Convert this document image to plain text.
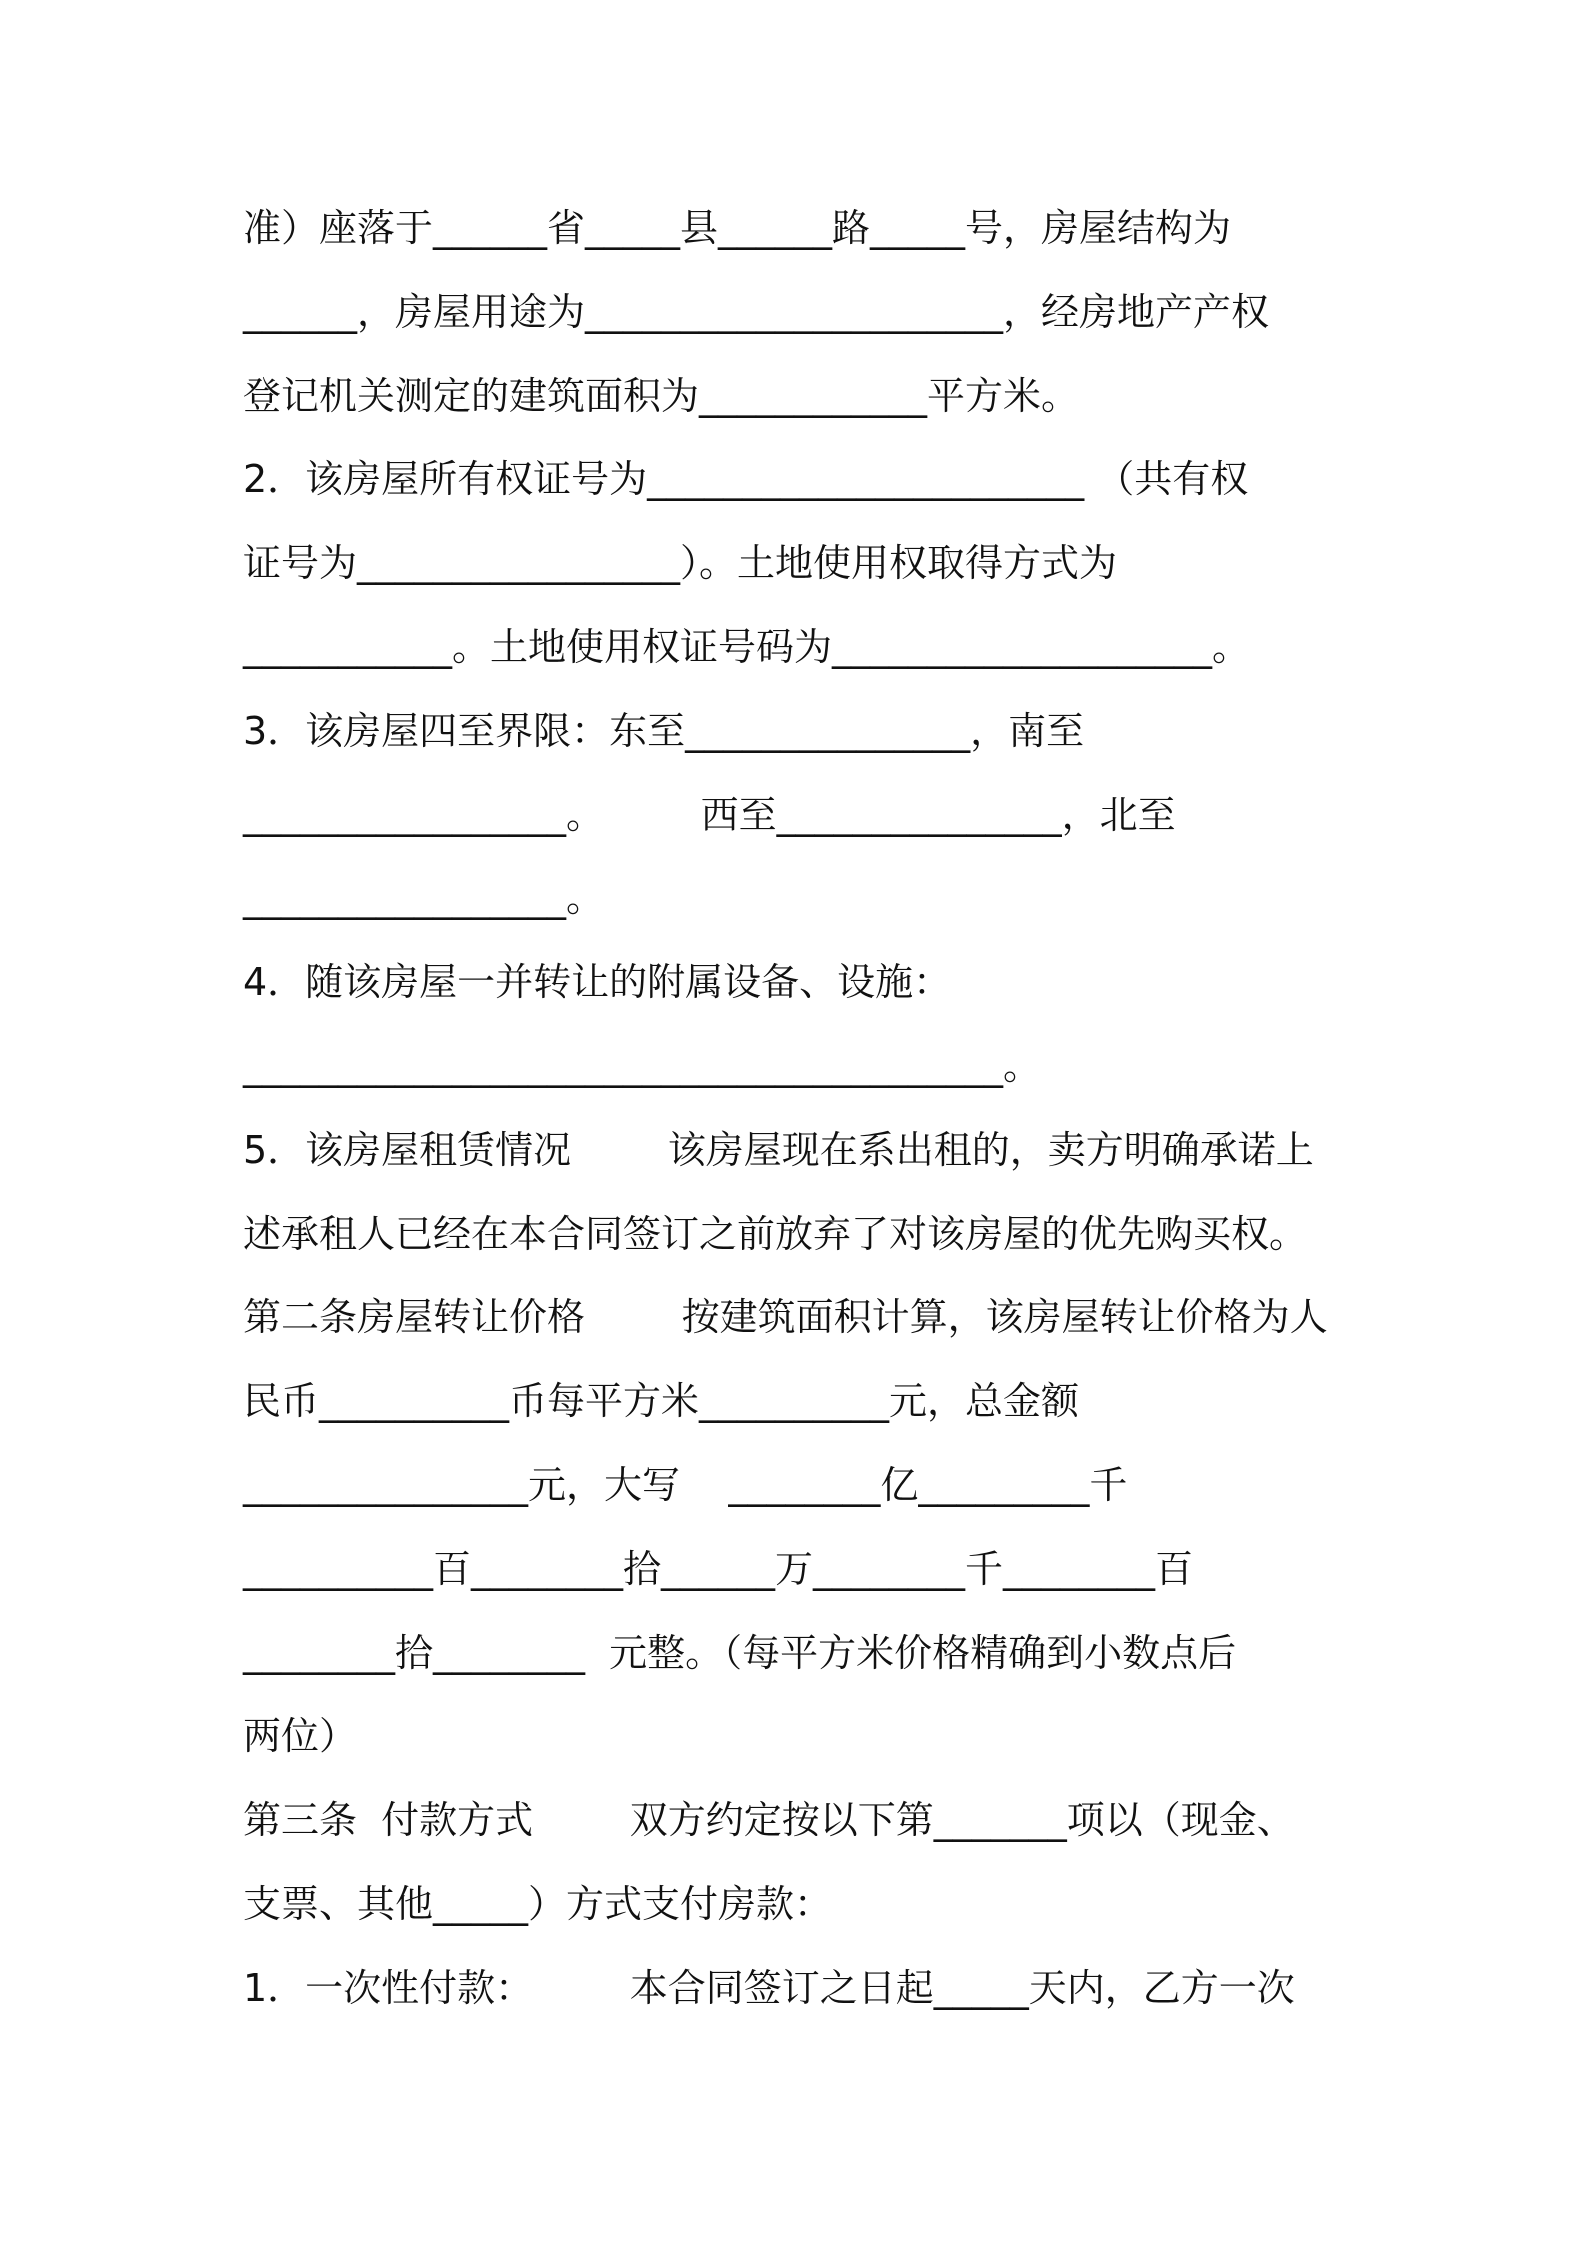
准）座落于______省_____县______路_____号，房屋结构为
______，房屋用途为______________________，经房地产产权
登记机关测定的建筑面积为____________平方米。
2．该房屋所有权证号为_______________________ （共有权
证号为_________________）。土地使用权取得方式为
___________。土地使用权证号码为____________________。
3．该房屋四至界限：东至_______________，南至
_________________。        西至_______________，北至
_________________。
4．随该房屋一并转让的附属设备、设施：
________________________________________。
5．该房屋租赁情况        该房屋现在系出租的，卖方明确承诺上
述承租人已经在本合同签订之前放弃了对该房屋的优先购买权。
第二条房屋转让价格        按建筑面积计算，该房屋转让价格为人
民币__________币每平方米__________元，总金额
_______________元，大写    ________亿_________千
__________百________拾______万________千________百
________拾________  元整。（每平方米价格精确到小数点后
两位）
第三条  付款方式        双方约定按以下第_______项以（现金、
支票、其他_____）方式支付房款：
1．一次性付款：        本合同签订之日起_____天内，乙方一次
